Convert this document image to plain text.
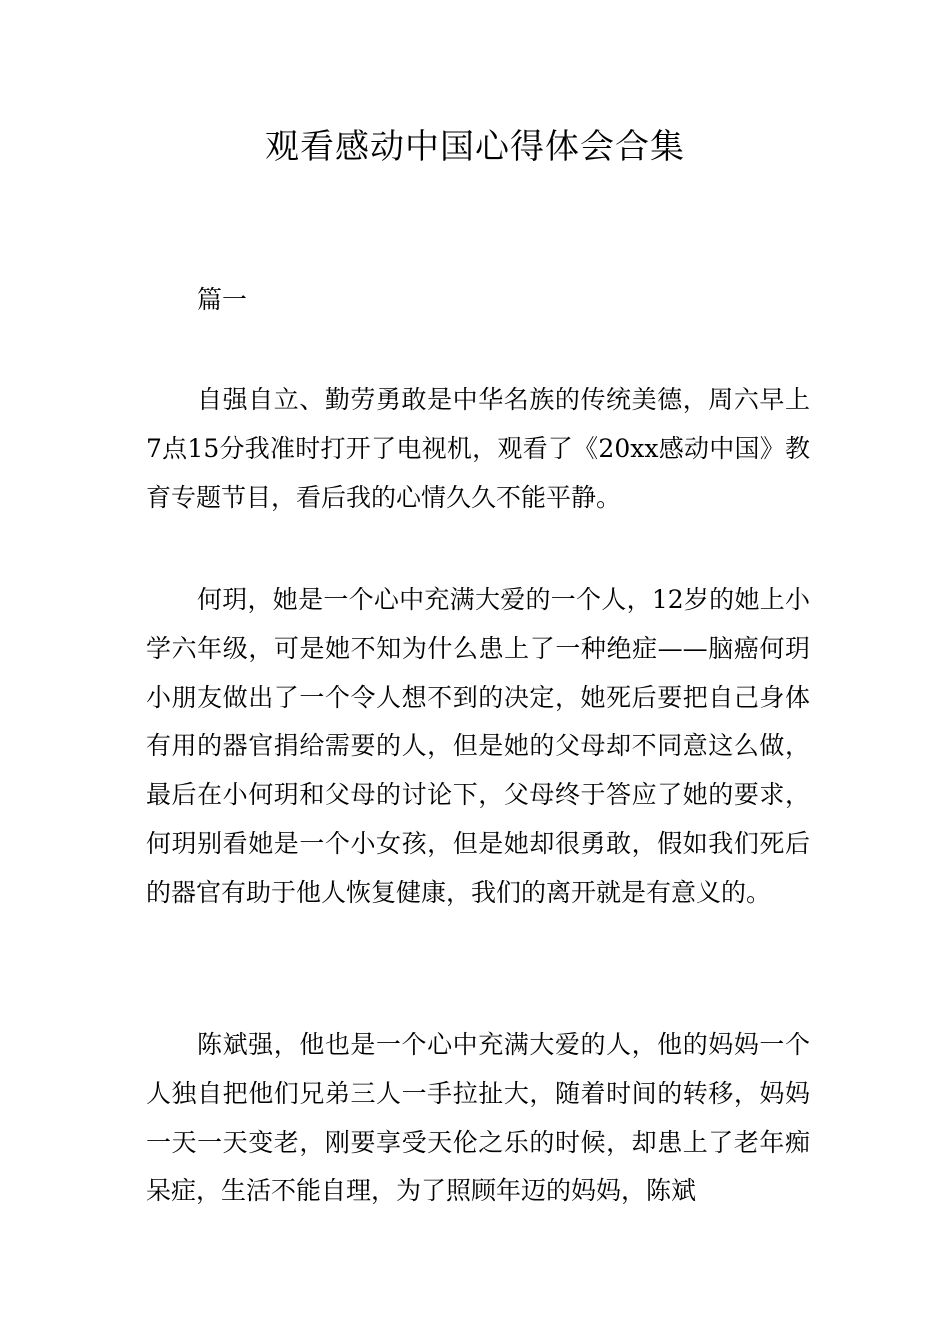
观看感动中国心得体会合集

篇一

自强自立、勤劳勇敢是中华名族的传统美德，周六早上7点15分我准时打开了电视机，观看了《20xx感动中国》教育专题节目，看后我的心情久久不能平静。

何玥，她是一个心中充满大爱的一个人，12岁的她上小学六年级，可是她不知为什么患上了一种绝症——脑癌何玥小朋友做出了一个令人想不到的决定，她死后要把自己身体有用的器官捐给需要的人，但是她的父母却不同意这么做，最后在小何玥和父母的讨论下，父母终于答应了她的要求，何玥别看她是一个小女孩，但是她却很勇敢，假如我们死后的器官有助于他人恢复健康，我们的离开就是有意义的。

陈斌强，他也是一个心中充满大爱的人，他的妈妈一个人独自把他们兄弟三人一手拉扯大，随着时间的转移，妈妈一天一天变老，刚要享受天伦之乐的时候，却患上了老年痴呆症，生活不能自理，为了照顾年迈的妈妈，陈斌
